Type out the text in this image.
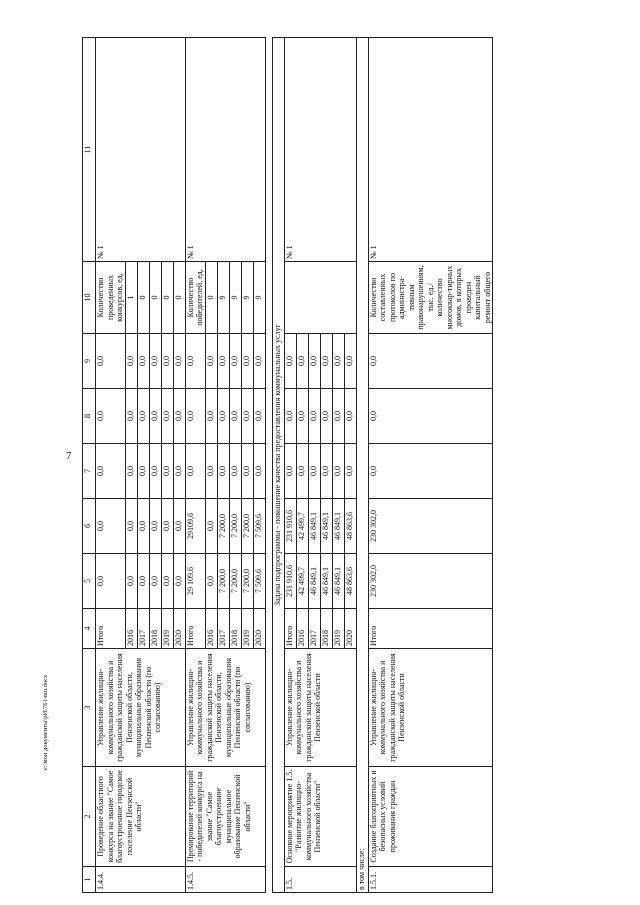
7
c:\мои документы\рИ\761-вш.docx
1	2	3	4	5	6	7	8	9	10	11
1.4.4.	Проведение областного конкурса на звание "Самое благоустроенное городское поселение Пензенской области"	Управление жилищно-коммунального хозяйства и гражданской защиты населения Пензенской области, муниципальные образования Пензенской области (по согласованию)	Итого	0,0	0,0	0,0	0,0	0,0	Количество проведенных конкурсов, ед.	№ 1
			2016	0,0	0,0	0,0	0,0	0,0	1	
			2017	0,0	0,0	0,0	0,0	0,0	0	
			2018	0,0	0,0	0,0	0,0	0,0	0	
			2019	0,0	0,0	0,0	0,0	0,0	0	
			2020	0,0	0,0	0,0	0,0	0,0	0	
1.4.5.	Премирование территорий - победителей конкурса на звание "Самое благоустроенное муниципальное образование Пензенской области"	Управление жилищно-коммунального хозяйства и гражданской защиты населения Пензенской области, муниципальные образования Пензенской области (по согласованию)	Итого	29 109,6	29109,6	0,0	0,0	0,0	Количество победителей, ед.	№ 1
			2016	0,0	0,0	0,0	0,0	0,0	0	
			2017	7 200,0	7 200,0	0,0	0,0	0,0	9	
			2018	7 200,0	7 200,0	0,0	0,0	0,0	9	
			2019	7 200,0	7 200,0	0,0	0,0	0,0	9	
			2020	7 509,6	7 509,6	0,0	0,0	0,0	9	

Задача подпрограммы - повышение качества предоставления коммунальных услуг										
1.5.	Основное мероприятие 1.5. "Развитие жилищно-коммунального хозяйства Пензенской области"	Управление жилищно-коммунального хозяйства и гражданской защиты населения Пензенской области	Итого	231 910,6	231 910,6	0,0	0,0	0,0		№ 1
			2016	42 499,7	42 499,7	0,0	0,0	0,0		
			2017	46 849,1	46 849,1	0,0	0,0	0,0		
			2018	46 849,1	46 849,1	0,0	0,0	0,0		
			2019	46 849,1	46 849,1	0,0	0,0	0,0		
			2020	48 863,6	48 863,6	0,0	0,0	0,0		
в том числе:										
1.5.1.	Создание благоприятных и безопасных условий проживания граждан	Управление жилищно-коммунального хозяйства и гражданской защиты населения Пензенской области	Итого	230 302,0	230 302,0	0,0	0,0	0,0	Количество составленных протоколов по администра-тивным правонарушениям, тыс. ед./ количество многоквар-тирных домов, в которых проведен капитальный ремонт общего	№ 1
